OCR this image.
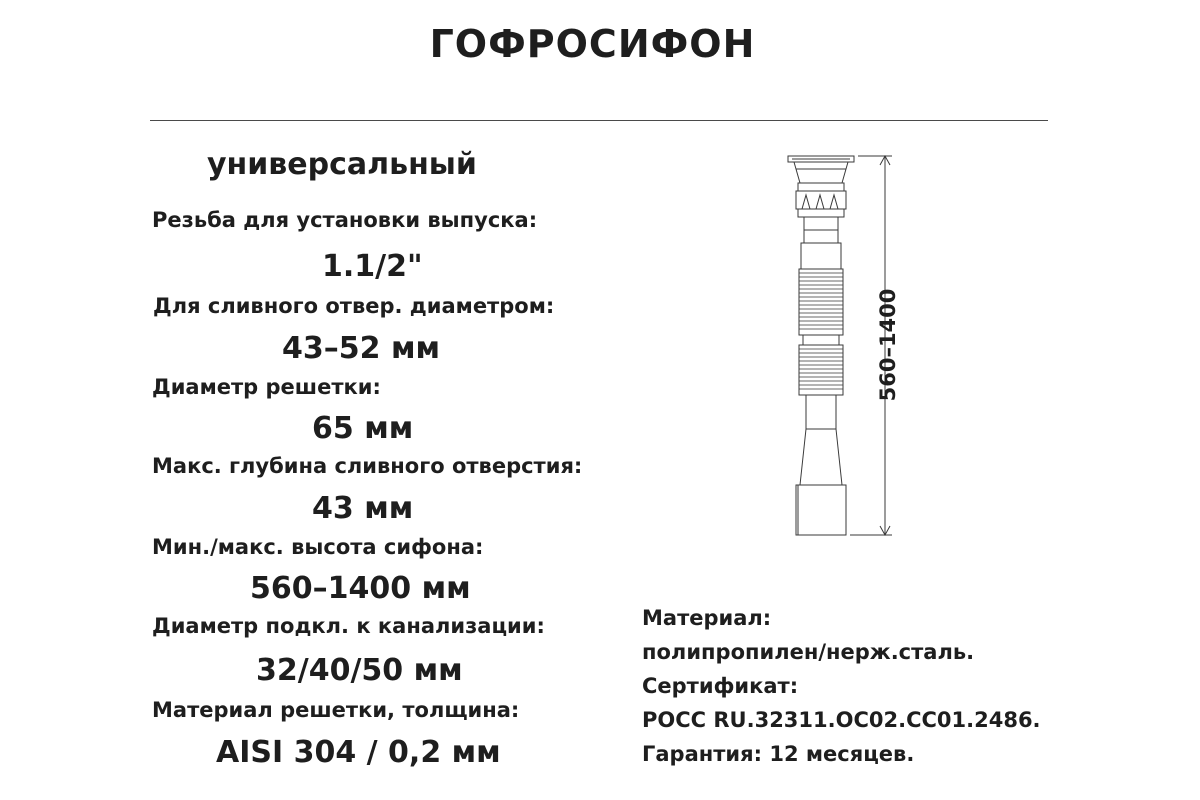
ГОФРОСИФОН
универсальный
Резьба для установки выпуска:
1.1/2"
Для сливного отвер. диаметром:
43–52 мм
Диаметр решетки:
65 мм
Макс. глубина сливного отверстия:
43 мм
Мин./макс. высота сифона:
560–1400 мм
Диаметр подкл. к канализации:
32/40/50 мм
Материал решетки, толщина:
AISI 304 / 0,2 мм
Материал:
полипропилен/нерж.сталь.
Сертификат:
РОСС RU.32311.ОС02.СС01.2486.
Гарантия: 12 месяцев.
560–1400
